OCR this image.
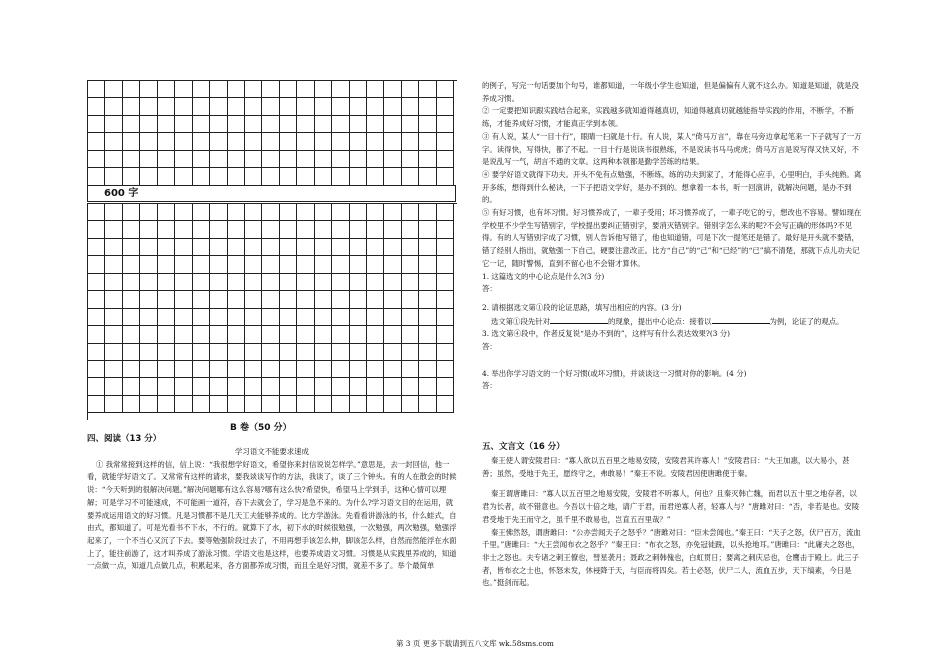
600 字
B 卷（50 分）
四、阅读（13 分）

学习语文不能要求速成

① 我常常接到这样的信，信上说：“我很想学好语文，希望你来封信说说怎样学。”意思是，去一封回信，他一看，就能学好语文了。又常常有这样的请求，要我谈谈写作的方法，我谈了，谈了三个钟头。有的人在散会的时候说：“今天听到的很解决问题。”解决问题哪有这么容易?哪有这么快?希望快，希望马上学到手，这种心情可以理解；可是学习不可能速成，不可能画一道符，吞下去就会了，学习是急不来的。为什么?学习语文目的在运用，就要养成运用语文的好习惯。凡是习惯都不是几天工夫能够养成的。比方学游泳。先看看讲游泳的书，什么蛙式，自由式，都知道了。可是光看书不下水，不行的。就算下了水，初下水的时候很勉强，一次勉强，两次勉强，勉强浮起来了，一个不当心又沉了下去。要等勉强阶段过去了，不用再想手该怎么伸，脚该怎么样，自然而然能浮在水面上了，能往前游了，这才叫养成了游泳习惯。学语文也是这样，也要养成语文习惯。习惯是从实践里养成的，知道一点做一点，知道几点做几点，积累起来，各方面都养成习惯，而且全是好习惯，就差不多了。举个最简单

的例子，写完一句话要加个句号，谁都知道，一年级小学生也知道，但是偏偏有人就不这么办。知道是知道，就是没养成习惯。

② 一定要把知识跟实践结合起来，实践越多就知道得越真切，知道得越真切就越能指导实践的作用，不断学，不断练，才能养成好习惯，才能真正学到本领。

③ 有人说，某人“一目十行”，眼睛一扫就是十行。有人说，某人“倚马万言”，靠在马旁边拿起笔来一下子就写了一万字。读得快，写得快，都了不起。一目十行是说读书很熟练，不是说读书马马虎虎；倚马万言是说写得又快又好，不是说乱写一气，胡言不通的文章。这两种本领都是勤学苦练的结果。

④ 要学好语文就得下功夫。开头不免有点勉强，不断练，练的功夫到家了，才能得心应手，心里明白，手头纯熟。离开多练，想得到什么秘诀，一下子把语文学好，是办不到的。想拿着一本书，听一回演讲，就解决问题，是办不到的。

⑤ 有好习惯，也有坏习惯。好习惯养成了，一辈子受用；坏习惯养成了，一辈子吃它的亏，想改也不容易。譬如现在学校里不少学生写错别字，学校提出要纠正错别字，要消灭错别字。错别字怎么来的呢?不会写正确的形体吗?不见得。有的人写错别字成了习惯，别人告诉他写错了，他也知道错，可是下次一提笔还是错了。最好是开头就不要错，错了经别人指出，就勉强一下自己，硬要注意改正。比方“自己”的“己”和“已经”的“已”搞不清楚，那就下点儿功夫记它一记，随时警惕，直到不留心也不会错才算休。

1. 这篇选文的中心论点是什么?(3 分)

答：

2. 请根据选文第①段的论证思路，填写出相应的内容。(3 分)

选文第①段先针对	的现象，提出中心论点：接着以	为例，论证了的观点。

3. 选文第④段中，作者反复说“是办不到的”，这样写有什么表达效果?(3 分)

答：

4. 举出你学习语文的一个好习惯(或坏习惯)，并谈谈这一习惯对你的影响。(4 分)

答：

五、文言文（16 分）

秦王使人谓安陵君曰：“寡人欲以五百里之地易安陵，安陵君其许寡人！”安陵君曰：“大王加惠，以大易小，甚善；虽然，受地于先王，愿终守之，弗敢易！”秦王不说。安陵君因使唐雎使于秦。

秦王谓唐雎曰：“寡人以五百里之地易安陵，安陵君不听寡人，何也？且秦灭韩亡魏，而君以五十里之地存者，以君为长者，故不错意也。今吾以十倍之地，请广于君，而君逆寡人者，轻寡人与？”唐雎对曰：“否，非若是也。安陵君受地于先王而守之，虽千里不敢易也，岂直五百里哉？”

秦王怫然怒，谓唐雎曰：“公亦尝闻天子之怒乎？”唐雎对曰：“臣未尝闻也。”秦王曰：“天子之怒，伏尸百万，流血千里。”唐雎曰：“大王尝闻布衣之怒乎？”秦王曰：“布衣之怒，亦免冠徒跣，以头抢地耳。”唐雎曰：“此庸夫之怒也，非士之怒也。夫专诸之刺王僚也，彗星袭月；聂政之刺韩傀也，白虹贯日；要离之刺庆忌也，仓鹰击于殿上。此三子者，皆布衣之士也，怀怒未发，休祲降于天，与臣而将四矣。若士必怒，伏尸二人，流血五步，天下缟素，今日是也。”挺剑而起。

第 3 页 更多下载请到五八文库 wk.58sms.com
